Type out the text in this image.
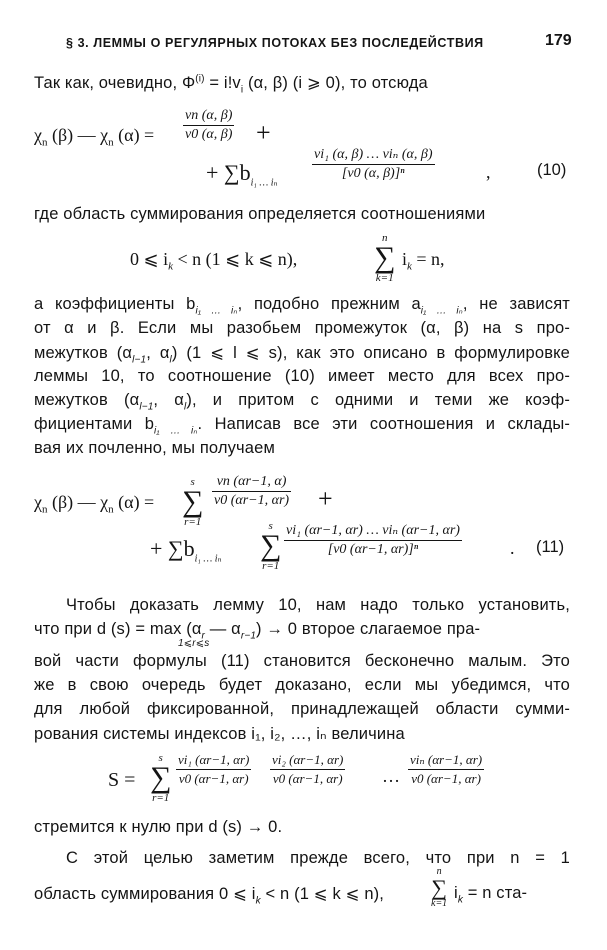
§ 3. ЛЕММЫ О РЕГУЛЯРНЫХ ПОТОКАХ БЕЗ ПОСЛЕДЕЙСТВИЯ	179
Так как, очевидно, $\Phi^{(i)} = i!v_i$ (α, β) (i ⩾ 0), то отсюда
$\chi_n$ (β) — $\chi_n$ $(\alpha) = \frac{vn (\alpha, \beta)}{v0 (\alpha, \beta)}$ +
+ $\sum b_{i_1 \dots i_n}$
vi₁ (α, β) … viₙ (α, β)
[v0 (α, β)]ⁿ	,	(10)
где область суммирования определяется соотношениями
0 ⩽ $i_k < n$ (1 ⩽ k ⩽ n),
n
∑
k=1
$i_k = n$,
а коэффициенты $b_{i_1 \dots i_n}$, подобно прежним $a_{i_1 \dots i_n}$, не зависят
от α и β. Если мы разобьем промежуток (α, β) на s про-
межутков ($\alpha_{l-1}$, $\alpha_l$) (1 ⩽ l ⩽ s), как это описано в формулировке
леммы 10, то соотношение (10) имеет место для всех про-
межутков ($\alpha_{l-1}$, $\alpha_l$), и притом с одними и теми же коэф-
фициентами $b_{i_1 \dots i_n}$. Написав все эти соотношения и склады-
вая их почленно, мы получаем
$\chi_n$ (β) — $\chi_n$ (α) =
s
∑
r=1
$\frac{vn (\alpha r-1, \alpha)}{v0 (\alpha r-1, \alpha r)}$ +
+ $\sum b_{i_1 \dots i_n}$
s
∑
r=1
vi₁ (αr−1, αr) … viₙ (αr−1, αr)
[v0 (αr−1, αr)]ⁿ	. (11)
Чтобы доказать лемму 10, нам надо только установить,
что при d (s) = max
1⩽r⩽s
($\alpha_r$ — $\alpha_{r-1}) \to 0$ второе слагаемое пра-
вой части формулы (11) становится бесконечно малым. Это
же в свою очередь будет доказано, если мы убедимся, что
для любой фиксированной, принадлежащей области сумми-
рования системы индексов i₁, i₂, …, iₙ величина
S =
s
∑
r=1
$\frac{\text{vi₁ (αr−1, αr)}}{v0 (\alpha r-1, \alpha r)} \frac{\text{vi₂ (αr−1, αr)}}{v0 (\alpha r-1, \alpha r)}$ …
viₙ (αr−1, αr)
v0 (αr−1, αr)
стремится к нулю при d (s) → 0.
С этой целью заметим прежде всего, что при n = 1
область суммирования 0 ⩽ $i_k < n$ (1 ⩽ k ⩽ n),
n
∑
k=1
$i_k = n$ ста-
